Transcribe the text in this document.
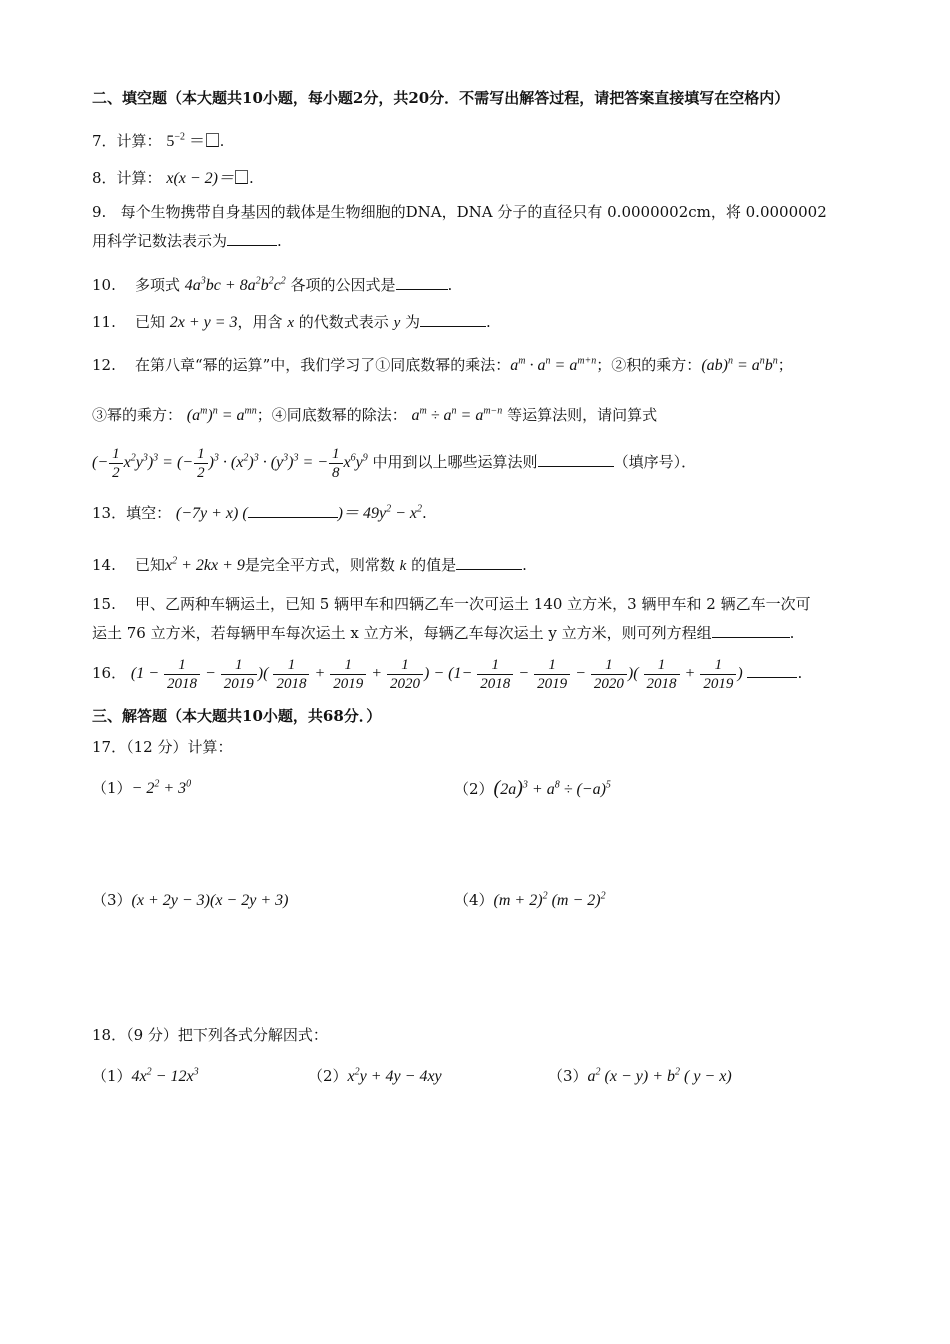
二、填空题（本大题共10小题，每小题2分，共20分．不需写出解答过程，请把答案直接填写在空格内）
7．计算： $5^{-2}$ ＝ .
8．计算： x(x − 2)＝ .
9. 每个生物携带自身基因的载体是生物细胞的DNA，DNA 分子的直径只有 0.0000002cm，将 0.0000002
用科学记数法表示为	.
10. 多项式 $4a^3bc + 8a^2b^2c^2$ 各项的公因式是	.
11. 已知 2x + y = 3，用含 x 的代数式表示 y 为	.
12. 在第八章“幂的运算”中，我们学习了①同底数幂的乘法：$a^m \cdot a^n = a^{m+n}$；②积的乘方：$(ab)^n = a^nb^n$；
③幂的乘方： $(a^m)^n = a^{mn}$；④同底数幂的除法： $a^m \div a^n = a^{m-n}$ 等运算法则，请问算式
(− $\frac{1}{2} x^2y^3)^3$ = (− $\frac{1}{2} )^3 \cdot (x^2)^3 \cdot (y^3)^3$ = − $\frac{1}{8} x^6y^9$ 中用到以上哪些运算法则	（填序号）．
13．填空： (−7y + x) (	)＝ $49y^2 - x^2$.
14. 已知$x^2 + 2kx + 9$是完全平方式，则常数 k 的值是	.
15. 甲、乙两种车辆运土，已知 5 辆甲车和四辆乙车一次可运土 140 立方米，3 辆甲车和 2 辆乙车一次可
运土 76 立方米，若每辆甲车每次运土 x 立方米，每辆乙车每次运土 y 立方米，则可列方程组	.
16． ($1 - \frac{1}{2018} - \frac{1}{2019}$ )( $\frac{1}{2018} + \frac{1}{2019} + \frac{1}{2020}$ ) − ($1- \frac{1}{2018} - \frac{1}{2019} - \frac{1}{2020}$ )( $\frac{1}{2018} + \frac{1}{2019}$ )	.
三、解答题（本大题共10小题，共68分．）
17．（12 分）计算：
$(1)- 2^2 + 3^0$	$(2)(2a)^3 + a^8 \div (-a)^5$
（3）(x + 2y − 3)(x − 2y + 3)	$(4)(m + 2)^2$ $(m - 2)^2$
18．（9 分）把下列各式分解因式：
$(1)4x^2 - 12x^3$	$(2)x^2y + 4y - 4xy$	$(3)a^2$ $(x - y) + b^2$ ( y − x)
